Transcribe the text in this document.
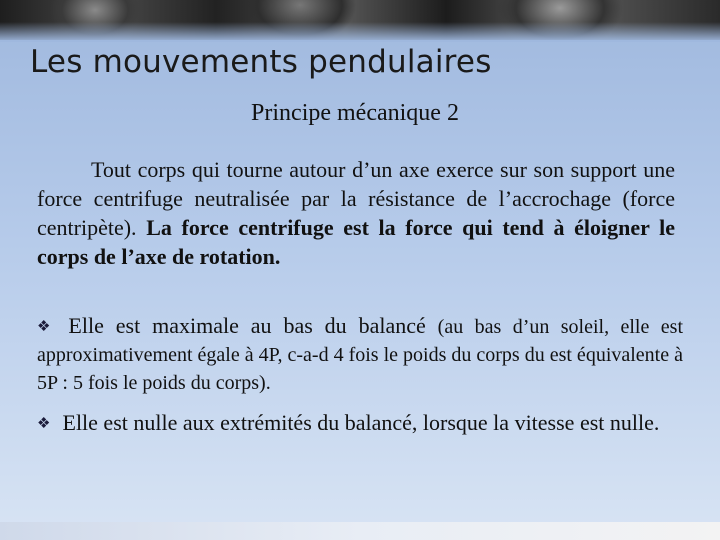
Les mouvements pendulaires
Principe mécanique 2
Tout corps qui tourne autour d’un axe exerce sur son support une force centrifuge neutralisée par la résistance de l’accrochage (force centripète). La force centrifuge est la force qui tend à éloigner le corps de l’axe de rotation.
❖ Elle est maximale au bas du balancé (au bas d’un soleil, elle est approximativement égale à 4P, c-a-d 4 fois le poids du corps du est équivalente à 5P : 5 fois le poids du corps).
❖ Elle est nulle aux extrémités du balancé, lorsque la vitesse est nulle.
